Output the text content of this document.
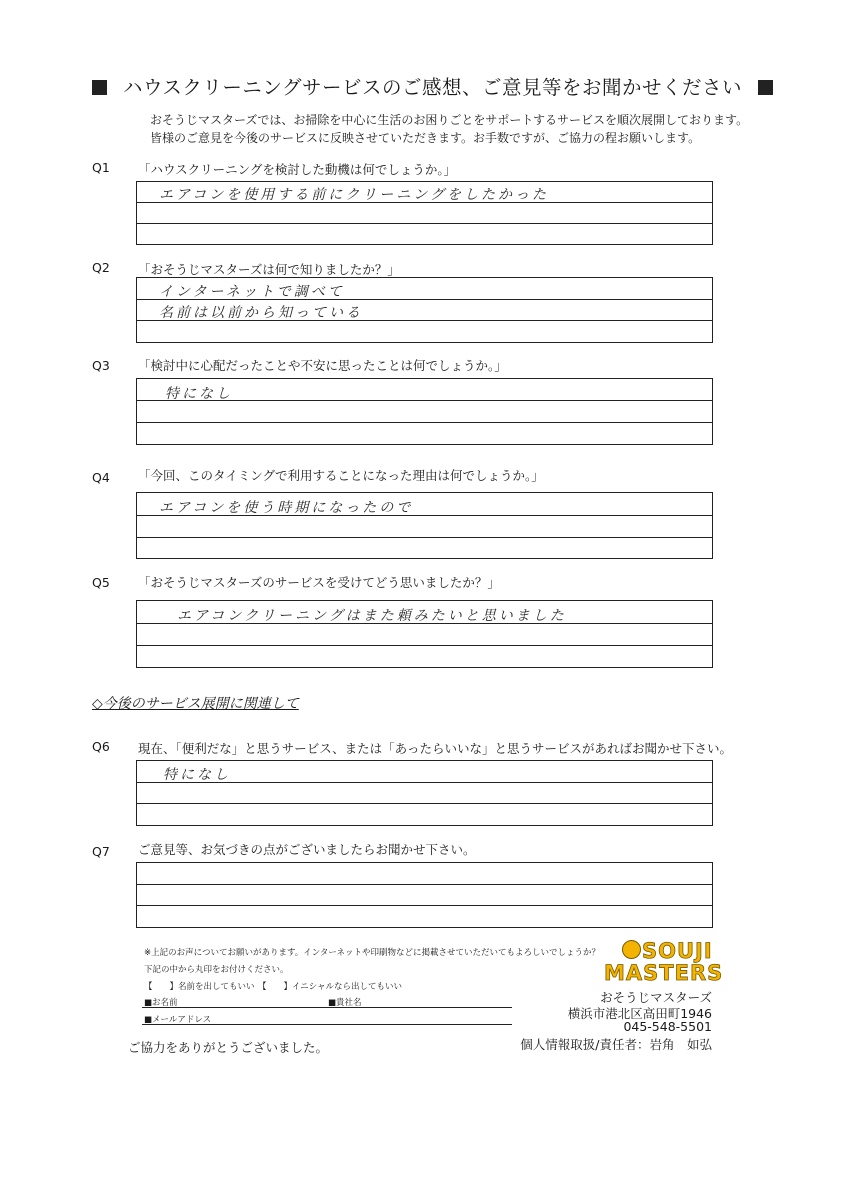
ハウスクリーニングサービスのご感想、ご意見等をお聞かせください
おそうじマスターズでは、お掃除を中心に生活のお困りごとをサポートするサービスを順次展開しております。
皆様のご意見を今後のサービスに反映させていただきます。お手数ですが、ご協力の程お願いします。
Q1 「ハウスクリーニングを検討した動機は何でしょうか。」
エアコンを使用する前にクリーニングをしたかった
Q2 「おそうじマスターズは何で知りましたか？」
インターネットで調べて
名前は以前から知っている
Q3 「検討中に心配だったことや不安に思ったことは何でしょうか。」
特になし
Q4 「今回、このタイミングで利用することになった理由は何でしょうか。」
エアコンを使う時期になったので
Q5 「おそうじマスターズのサービスを受けてどう思いましたか？」
エアコンクリーニングはまた頼みたいと思いました
◇今後のサービス展開に関連して
Q6 現在、「便利だな」と思うサービス、または「あったらいいな」と思うサービスがあればお聞かせ下さい。
特になし
Q7 ご意見等、お気づきの点がございましたらお聞かせ下さい。
※上記のお声についてお願いがあります。インターネットや印刷物などに掲載させていただいてもよろしいでしょうか？
下記の中から丸印をお付けください。
【　　】名前を出してもいい 【　　】イニシャルなら出してもいい
■お名前	■貴社名
■メールアドレス
ご協力をありがとうございました。
SOUJI
MASTERS
おそうじマスターズ
横浜市港北区高田町1946
045-548-5501
個人情報取扱/責任者：岩角　如弘
